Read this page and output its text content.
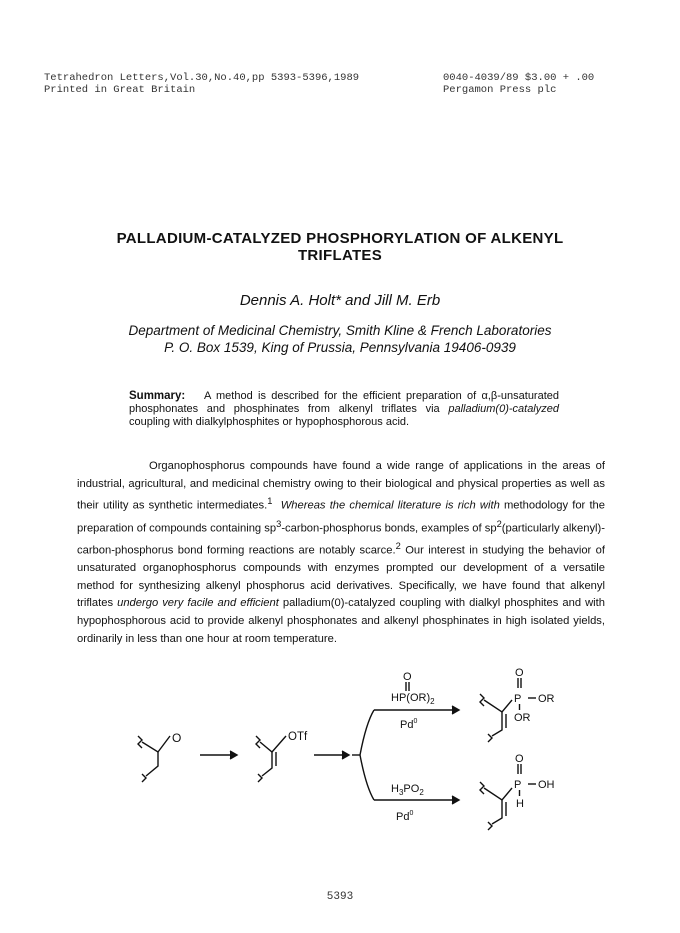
Tetrahedron Letters,Vol.30,No.40,pp 5393-5396,1989
Printed in Great Britain
0040-4039/89 $3.00 + .00
Pergamon Press plc
PALLADIUM-CATALYZED PHOSPHORYLATION OF ALKENYL
TRIFLATES
Dennis A. Holt* and Jill M. Erb
Department of Medicinal Chemistry, Smith Kline & French Laboratories
P. O. Box 1539, King of Prussia, Pennsylvania 19406-0939
Summary: A method is described for the efficient preparation of α,β-unsaturated phosphonates and phosphinates from alkenyl triflates via palladium(0)-catalyzed coupling with dialkylphosphites or hypophosphorous acid.
Organophosphorus compounds have found a wide range of applications in the areas of industrial, agricultural, and medicinal chemistry owing to their biological and physical properties as well as their utility as synthetic intermediates.$^1$ Whereas the chemical literature is rich with methodology for the preparation of compounds containing $sp^3-carbon$-phosphorus bonds, examples of $sp^2(particularly$ alkenyl)-carbon-phosphorus bond forming reactions are notably scarce.$^2$ Our interest in studying the behavior of unsaturated organophosphorus compounds with enzymes prompted our development of a versatile method for synthesizing alkenyl phosphorus acid derivatives. Specifically, we have found that alkenyl triflates undergo very facile and efficient palladium(0)-catalyzed coupling with dialkyl phosphites and with hypophosphorous acid to provide alkenyl phosphonates and alkenyl phosphinates in high isolated yields, ordinarily in less than one hour at room temperature.
O	OTf
O
$HP(OR)_2$
Pd$^0$
$H_3PO_2$
Pd$^0$
O
P OR
OR
O
P OH
H
5393
